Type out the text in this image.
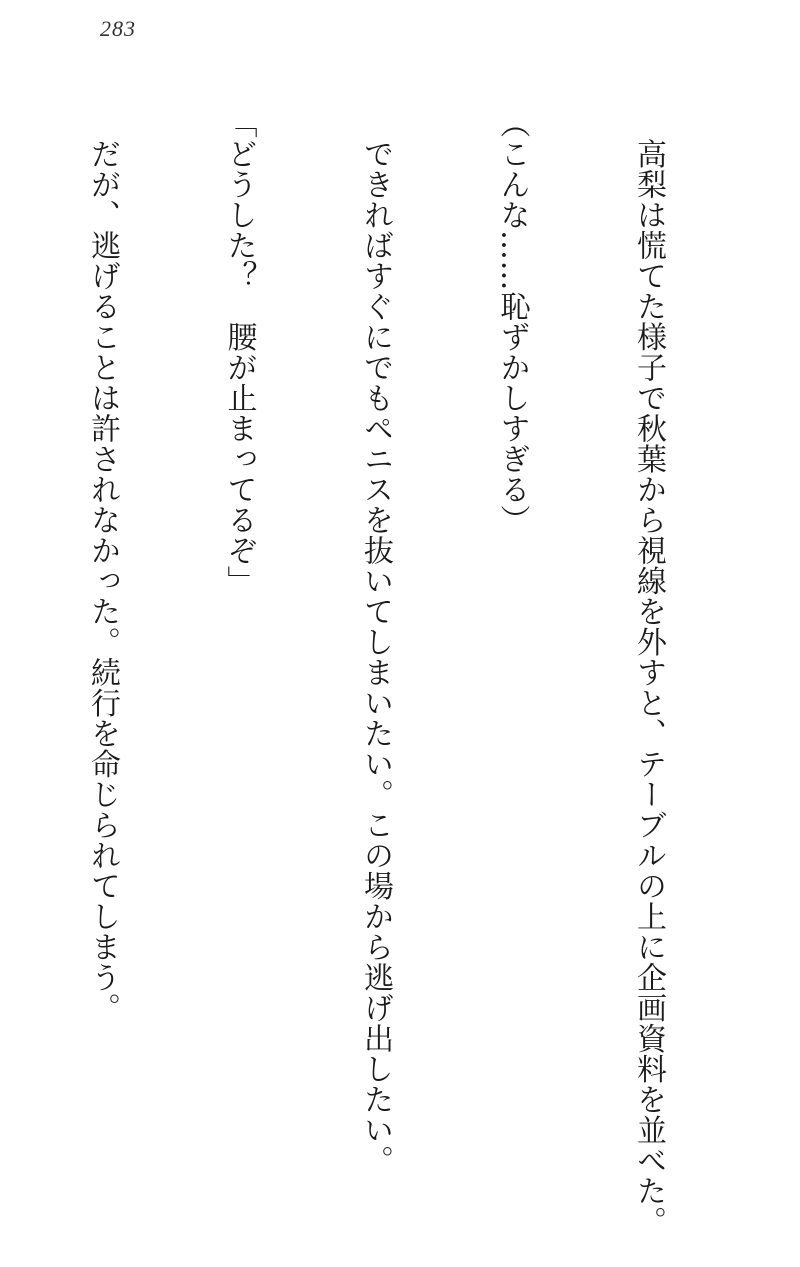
283

　高梨は慌てた様子で秋葉から視線を外すと、テーブルの上に企画資料を並べた。

（こんな……恥ずかしすぎる）

　できればすぐにでもペニスを抜いてしまいたい。この場から逃げ出したい。

「どうした？　腰が止まってるぞ」

　だが、逃げることは許されなかった。続行を命じられてしまう。
